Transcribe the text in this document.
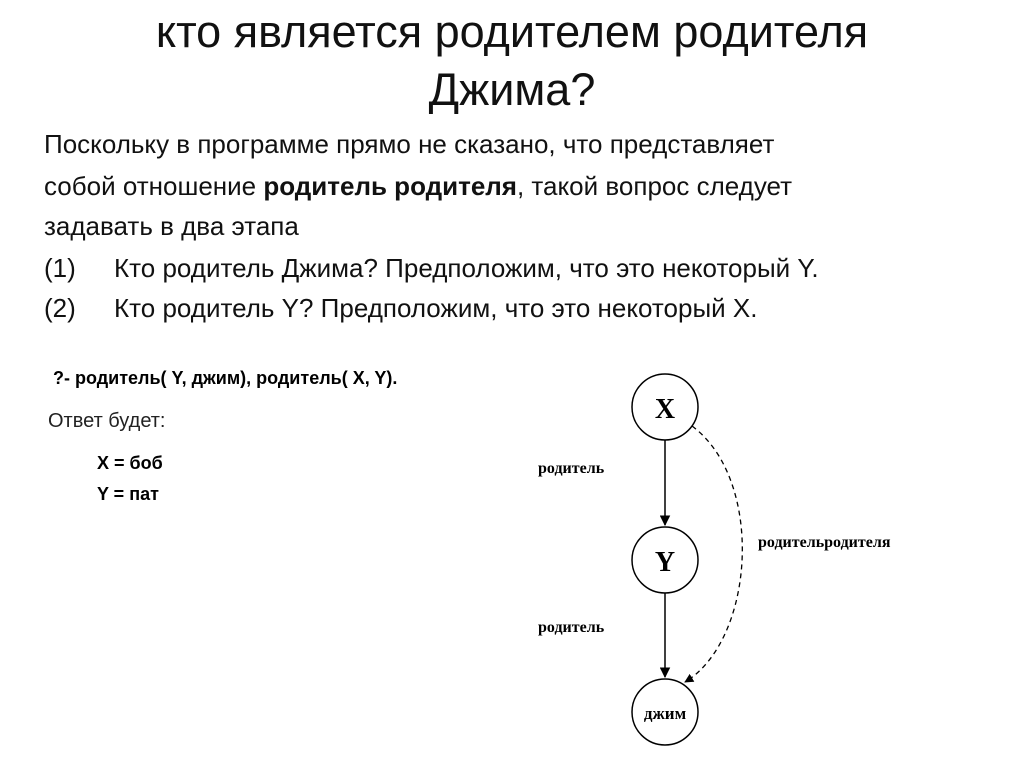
кто является родителем родителя
Джима?
Поскольку в программе прямо не сказано, что представляет
собой отношение родитель родителя, такой вопрос следует
задавать в два этапа
(1) Кто родитель Джима? Предположим, что это некоторый Y.
(2) Кто родитель Y? Предположим, что это некоторый X.
?- родитель( Y, джим), родитель( X, Y).
Ответ будет:
X = боб
Y = пат
X
Y
джим
родитель
родитель
родительродителя
